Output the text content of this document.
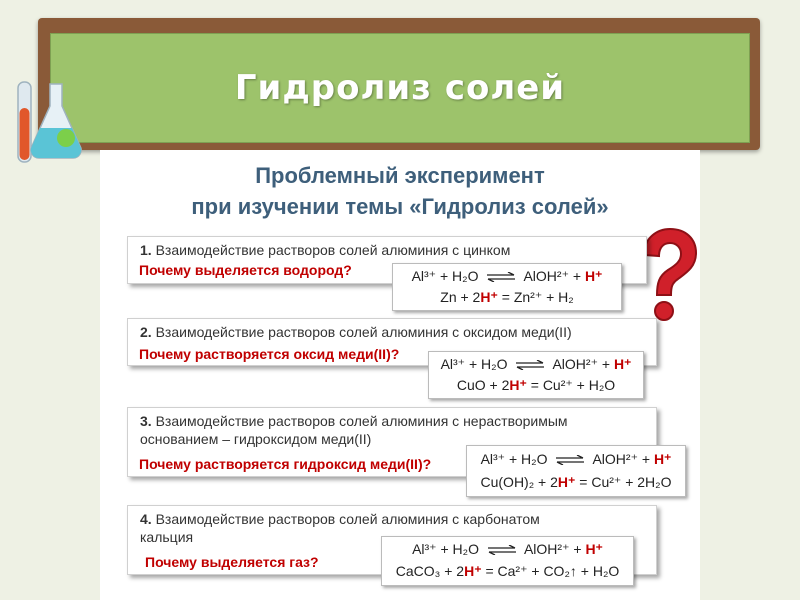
Гидролиз солей
Проблемный эксперимент
при изучении темы «Гидролиз солей»
1. Взаимодействие растворов солей алюминия с цинком
Почему выделяется водород?	Al³⁺ + H₂O ⇌ AlOH²⁺ + H⁺
Zn + 2H⁺ = Zn²⁺ + H₂
2. Взаимодействие растворов солей алюминия с оксидом меди(II)
Почему растворяется оксид меди(II)?
Al³⁺ + H₂O ⇌ AlOH²⁺ + H⁺
CuO + 2H⁺ = Cu²⁺ + H₂O
3. Взаимодействие растворов солей алюминия с нерастворимым
основанием – гидроксидом меди(II)
Почему растворяется гидроксид меди(II)?	Al³⁺ + H₂O ⇌ AlOH²⁺ + H⁺
Cu(OH)₂ + 2H⁺ = Cu²⁺ + 2H₂O
4. Взаимодействие растворов солей алюминия с карбонатом
кальция
Почему выделяется газ?
Al³⁺ + H₂O ⇌ AlOH²⁺ + H⁺
CaCO₃ + 2H⁺ = Ca²⁺ + CO₂↑ + H₂O
